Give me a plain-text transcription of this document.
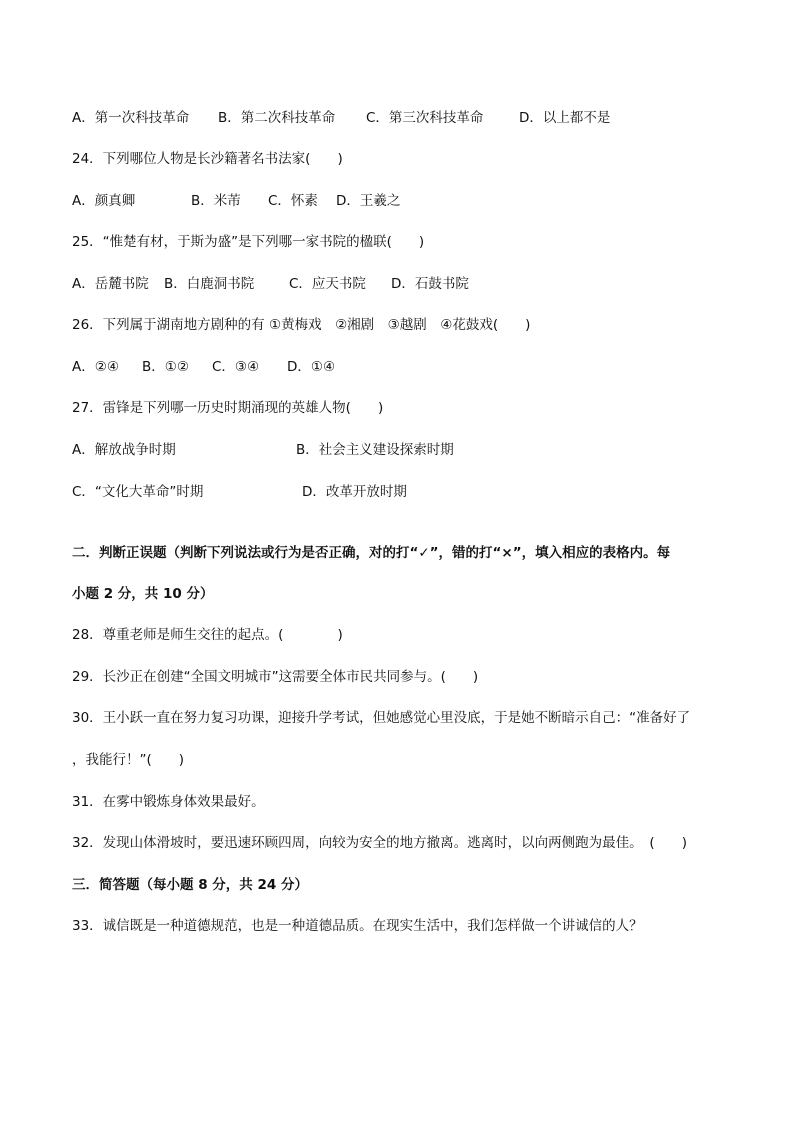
A．第一次科技革命 B．第二次科技革命 C．第三次科技革命	D．以上都不是
24．下列哪位人物是长沙籍著名书法家(　　)
A．颜真卿	B．米芾 C．怀素 D．王羲之
25．“惟楚有材，于斯为盛”是下列哪一家书院的楹联(　　)
A．岳麓书院 B．白鹿洞书院	C．应天书院 D．石鼓书院
26．下列属于湖南地方剧种的有 ①黄梅戏　②湘剧　③越剧　④花鼓戏(　　)
A．②④ B．①② C．③④ D．①④
27．雷锋是下列哪一历史时期涌现的英雄人物(　　)
A．解放战争时期	B．社会主义建设探索时期
C．“文化大革命”时期	D．改革开放时期
二．判断正误题（判断下列说法或行为是否正确，对的打“✓”，错的打“×”，填入相应的表格内。每
小题 2 分，共 10 分）
28．尊重老师是师生交往的起点。(　　　　)
29．长沙正在创建“全国文明城市”这需要全体市民共同参与。(　　)
30．王小跃一直在努力复习功课，迎接升学考试，但她感觉心里没底，于是她不断暗示自己：“准备好了
，我能行！”(　　)
31．在雾中锻炼身体效果最好。
32．发现山体滑坡时，要迅速环顾四周，向较为安全的地方撤离。逃离时，以向两侧跑为最佳。　(　　)
三．简答题（每小题 8 分，共 24 分）
33．诚信既是一种道德规范，也是一种道德品质。在现实生活中，我们怎样做一个讲诚信的人？
